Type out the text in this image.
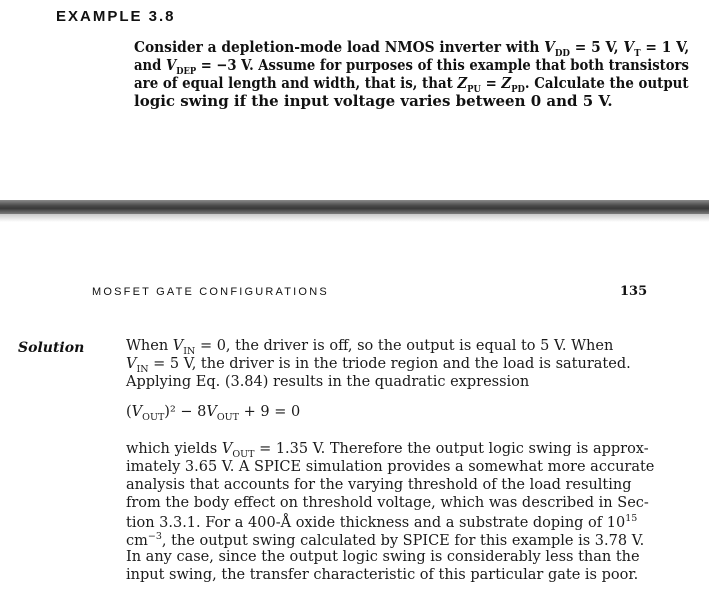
EXAMPLE 3.8
Consider a depletion-mode load NMOS inverter with $V_{DD} = 5$ V, $V_T = 1$ V,
and $V_{DEP} = -3$ V. Assume for purposes of this example that both transistors
are of equal length and width, that is, that $Z_{PU} = Z_{PD}$. Calculate the output
logic swing if the input voltage varies between 0 and 5 V.
MOSFET GATE CONFIGURATIONS	135
Solution	When $V_{IN} = 0$, the driver is off, so the output is equal to 5 V. When
$V_{IN} = 5$ V, the driver is in the triode region and the load is saturated.
Applying Eq. (3.84) results in the quadratic expression
$(V_{OUT})^2 - 8V_{OUT} + 9 = 0$
which yields $V_{OUT} = 1.35$ V. Therefore the output logic swing is approx-
imately 3.65 V. A SPICE simulation provides a somewhat more accurate
analysis that accounts for the varying threshold of the load resulting
from the body effect on threshold voltage, which was described in Sec-
tion 3.3.1. For a 400-Å oxide thickness and a substrate doping of $10^{15}$
$cm^{-3}$, the output swing calculated by SPICE for this example is 3.78 V.
In any case, since the output logic swing is considerably less than the
input swing, the transfer characteristic of this particular gate is poor.
